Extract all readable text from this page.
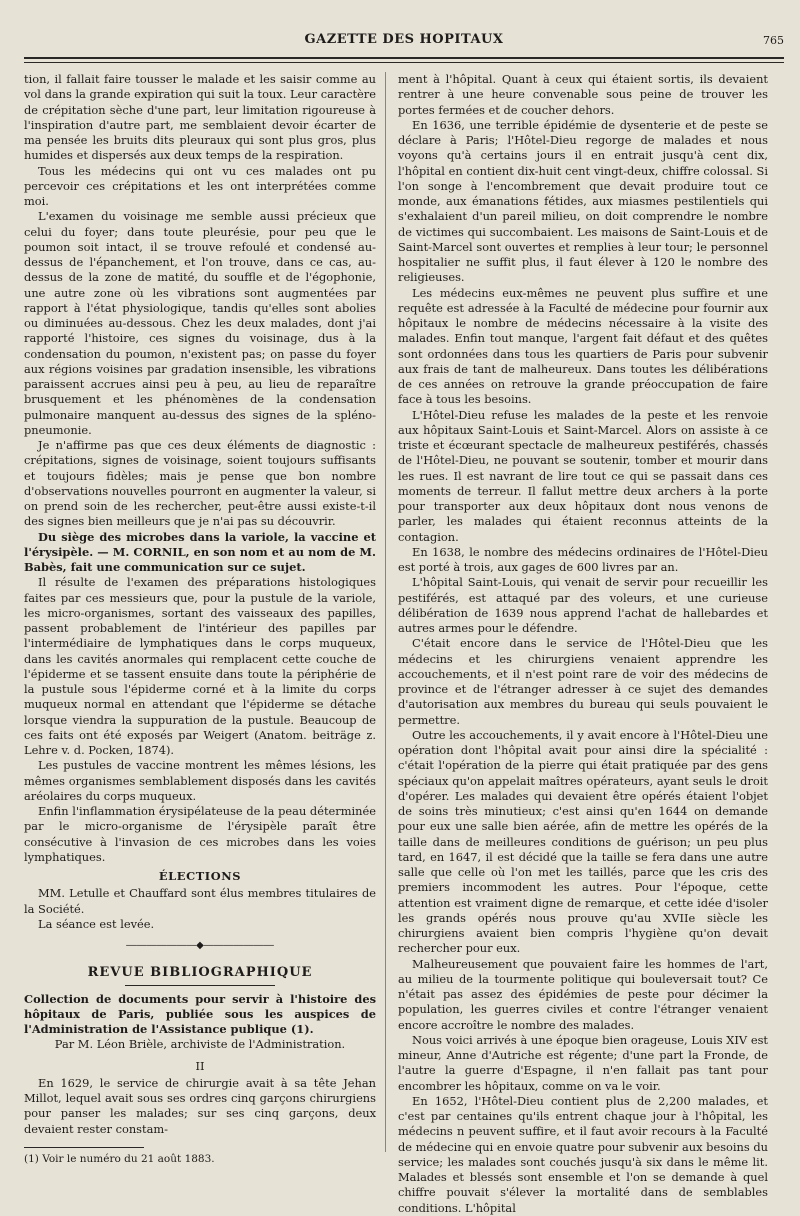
GAZETTE DES HOPITAUX	765

tion, il fallait faire tousser le malade et les saisir comme au vol dans la grande expiration qui suit la toux. Leur caractère de crépitation sèche d'une part, leur limitation rigoureuse à l'inspiration d'autre part, me semblaient devoir écarter de ma pensée les bruits dits pleuraux qui sont plus gros, plus humides et dispersés aux deux temps de la respiration.

Tous les médecins qui ont vu ces malades ont pu percevoir ces crépitations et les ont interprétées comme moi.

L'examen du voisinage me semble aussi précieux que celui du foyer; dans toute pleurésie, pour peu que le poumon soit intact, il se trouve refoulé et condensé au-dessus de l'épanchement, et l'on trouve, dans ce cas, au-dessus de la zone de matité, du souffle et de l'égophonie, une autre zone où les vibrations sont augmentées par rapport à l'état physiologique, tandis qu'elles sont abolies ou diminuées au-dessous. Chez les deux malades, dont j'ai rapporté l'histoire, ces signes du voisinage, dus à la condensation du poumon, n'existent pas; on passe du foyer aux régions voisines par gradation insensible, les vibrations paraissent accrues ainsi peu à peu, au lieu de reparaître brusquement et les phénomènes de la condensation pulmonaire manquent au-dessus des signes de la spléno-pneumonie.

Je n'affirme pas que ces deux éléments de diagnostic : crépitations, signes de voisinage, soient toujours suffisants et toujours fidèles; mais je pense que bon nombre d'observations nouvelles pourront en augmenter la valeur, si on prend soin de les rechercher, peut-être aussi existe-t-il des signes bien meilleurs que je n'ai pas su découvrir.

Du siège des microbes dans la variole, la vaccine et l'érysipèle. — M. CORNIL, en son nom et au nom de M. Babès, fait une communication sur ce sujet.

Il résulte de l'examen des préparations histologiques faites par ces messieurs que, pour la pustule de la variole, les micro-organismes, sortant des vaisseaux des papilles, passent probablement de l'intérieur des papilles par l'intermédiaire de lymphatiques dans le corps muqueux, dans les cavités anormales qui remplacent cette couche de l'épiderme et se tassent ensuite dans toute la périphérie de la pustule sous l'épiderme corné et à la limite du corps muqueux normal en attendant que l'épiderme se détache lorsque viendra la suppuration de la pustule. Beaucoup de ces faits ont été exposés par Weigert (Anatom. beiträge z. Lehre v. d. Pocken, 1874).

Les pustules de vaccine montrent les mêmes lésions, les mêmes organismes semblablement disposés dans les cavités aréolaires du corps muqueux.

Enfin l'inflammation érysipélateuse de la peau déterminée par le micro-organisme de l'érysipèle paraît être consécutive à l'invasion de ces microbes dans les voies lymphatiques.

ÉLECTIONS

MM. Letulle et Chauffard sont élus membres titulaires de la Société.

La séance est levée.

―――――――◆―――――――

REVUE BIBLIOGRAPHIQUE

Collection de documents pour servir à l'histoire des hôpitaux de Paris, publiée sous les auspices de l'Administration de l'Assistance publique (1).

Par M. Léon Brièle, archiviste de l'Administration.

II

En 1629, le service de chirurgie avait à sa tête Jehan Millot, lequel avait sous ses ordres cinq garçons chirurgiens pour panser les malades; sur ses cinq garçons, deux devaient rester constam-

(1) Voir le numéro du 21 août 1883.

ment à l'hôpital. Quant à ceux qui étaient sortis, ils devaient rentrer à une heure convenable sous peine de trouver les portes fermées et de coucher dehors.

En 1636, une terrible épidémie de dysenterie et de peste se déclare à Paris; l'Hôtel-Dieu regorge de malades et nous voyons qu'à certains jours il en entrait jusqu'à cent dix, l'hôpital en contient dix-huit cent vingt-deux, chiffre colossal. Si l'on songe à l'encombrement que devait produire tout ce monde, aux émanations fétides, aux miasmes pestilentiels qui s'exhalaient d'un pareil milieu, on doit comprendre le nombre de victimes qui succombaient. Les maisons de Saint-Louis et de Saint-Marcel sont ouvertes et remplies à leur tour; le personnel hospitalier ne suffit plus, il faut élever à 120 le nombre des religieuses.

Les médecins eux-mêmes ne peuvent plus suffire et une requête est adressée à la Faculté de médecine pour fournir aux hôpitaux le nombre de médecins nécessaire à la visite des malades. Enfin tout manque, l'argent fait défaut et des quêtes sont ordonnées dans tous les quartiers de Paris pour subvenir aux frais de tant de malheureux. Dans toutes les délibérations de ces années on retrouve la grande préoccupation de faire face à tous les besoins.

L'Hôtel-Dieu refuse les malades de la peste et les renvoie aux hôpitaux Saint-Louis et Saint-Marcel. Alors on assiste à ce triste et écœurant spectacle de malheureux pestiférés, chassés de l'Hôtel-Dieu, ne pouvant se soutenir, tomber et mourir dans les rues. Il est navrant de lire tout ce qui se passait dans ces moments de terreur. Il fallut mettre deux archers à la porte pour transporter aux deux hôpitaux dont nous venons de parler, les malades qui étaient reconnus atteints de la contagion.

En 1638, le nombre des médecins ordinaires de l'Hôtel-Dieu est porté à trois, aux gages de 600 livres par an.

L'hôpital Saint-Louis, qui venait de servir pour recueillir les pestiférés, est attaqué par des voleurs, et une curieuse délibération de 1639 nous apprend l'achat de hallebardes et autres armes pour le défendre.

C'était encore dans le service de l'Hôtel-Dieu que les médecins et les chirurgiens venaient apprendre les accouchements, et il n'est point rare de voir des médecins de province et de l'étranger adresser à ce sujet des demandes d'autorisation aux membres du bureau qui seuls pouvaient le permettre.

Outre les accouchements, il y avait encore à l'Hôtel-Dieu une opération dont l'hôpital avait pour ainsi dire la spécialité : c'était l'opération de la pierre qui était pratiquée par des gens spéciaux qu'on appelait maîtres opérateurs, ayant seuls le droit d'opérer. Les malades qui devaient être opérés étaient l'objet de soins très minutieux; c'est ainsi qu'en 1644 on demande pour eux une salle bien aérée, afin de mettre les opérés de la taille dans de meilleures conditions de guérison; un peu plus tard, en 1647, il est décidé que la taille se fera dans une autre salle que celle où l'on met les taillés, parce que les cris des premiers incommodent les autres. Pour l'époque, cette attention est vraiment digne de remarque, et cette idée d'isoler les grands opérés nous prouve qu'au XVIIe siècle les chirurgiens avaient bien compris l'hygiène qu'on devait rechercher pour eux.

Malheureusement que pouvaient faire les hommes de l'art, au milieu de la tourmente politique qui bouleversait tout? Ce n'était pas assez des épidémies de peste pour décimer la population, les guerres civiles et contre l'étranger venaient encore accroître le nombre des malades.

Nous voici arrivés à une époque bien orageuse, Louis XIV est mineur, Anne d'Autriche est régente; d'une part la Fronde, de l'autre la guerre d'Espagne, il n'en fallait pas tant pour encombrer les hôpitaux, comme on va le voir.

En 1652, l'Hôtel-Dieu contient plus de 2,200 malades, et c'est par centaines qu'ils entrent chaque jour à l'hôpital, les médecins n peuvent suffire, et il faut avoir recours à la Faculté de médecine qui en envoie quatre pour subvenir aux besoins du service; les malades sont couchés jusqu'à six dans le même lit. Malades et blessés sont ensemble et l'on se demande à quel chiffre pouvait s'élever la mortalité dans de semblables conditions. L'hôpital
